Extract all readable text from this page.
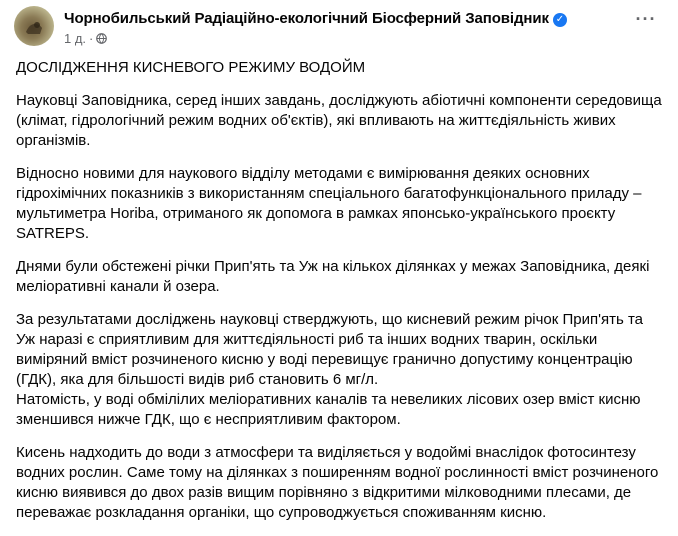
Чорнобильський Радіаційно-екологічний Біосферний Заповідник ✓
1 д. ·
···

ДОСЛІДЖЕННЯ КИСНЕВОГО РЕЖИМУ ВОДОЙМ

Науковці Заповідника, серед інших завдань, досліджують абіотичні компоненти середовища
(клімат, гідрологічний режим водних об'єктів), які впливають на життєдіяльність живих
організмів.

Відносно новими для наукового відділу методами є вимірювання деяких основних
гідрохімічних показників з використанням спеціального багатофункціонального приладу –
мультиметра Horiba, отриманого як допомога в рамках японсько-українського проєкту
SATREPS.

Днями були обстежені річки Прип'ять та Уж на кількох ділянках у межах Заповідника, деякі
меліоративні канали й озера.

За результатами досліджень науковці стверджують, що кисневий режим річок Прип'ять та
Уж наразі є сприятливим для життєдіяльності риб та інших водних тварин, оскільки
виміряний вміст розчиненого кисню у воді перевищує гранично допустиму концентрацію
(ГДК), яка для більшості видів риб становить 6 мг/л.
Натомість, у воді обмілілих меліоративних каналів та невеликих лісових озер вміст кисню
зменшився нижче ГДК, що є несприятливим фактором.

Кисень надходить до води з атмосфери та виділяється у водоймі внаслідок фотосинтезу
водних рослин. Саме тому на ділянках з поширенням водної рослинності вміст розчиненого
кисню виявився до двох разів вищим порівняно з відкритими мілководними плесами, де
переважає розкладання органіки, що супроводжується споживанням кисню.
